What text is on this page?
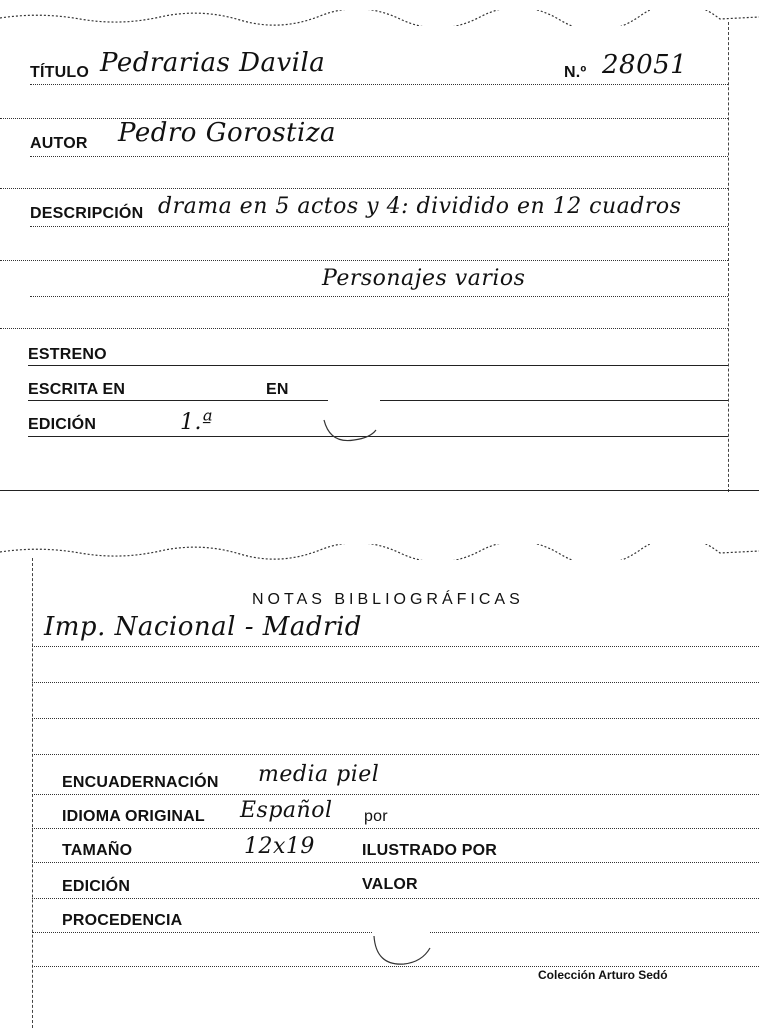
TÍTULO Pedrarias Davila	N.º 28051
AUTOR Pedro Gorostiza
DESCRIPCIÓN drama en 5 actos y 4: dividido en 12 cuadros
Personajes varios
ESTRENO
ESCRITA EN	EN
EDICIÓN	1.ª
NOTAS BIBLIOGRÁFICAS
Imp. Nacional - Madrid
ENCUADERNACIÓN media piel
IDIOMA ORIGINAL Español por
TAMAÑO	12x19	ILUSTRADO POR
EDICIÓN	VALOR
PROCEDENCIA
Colección Arturo Sedó
